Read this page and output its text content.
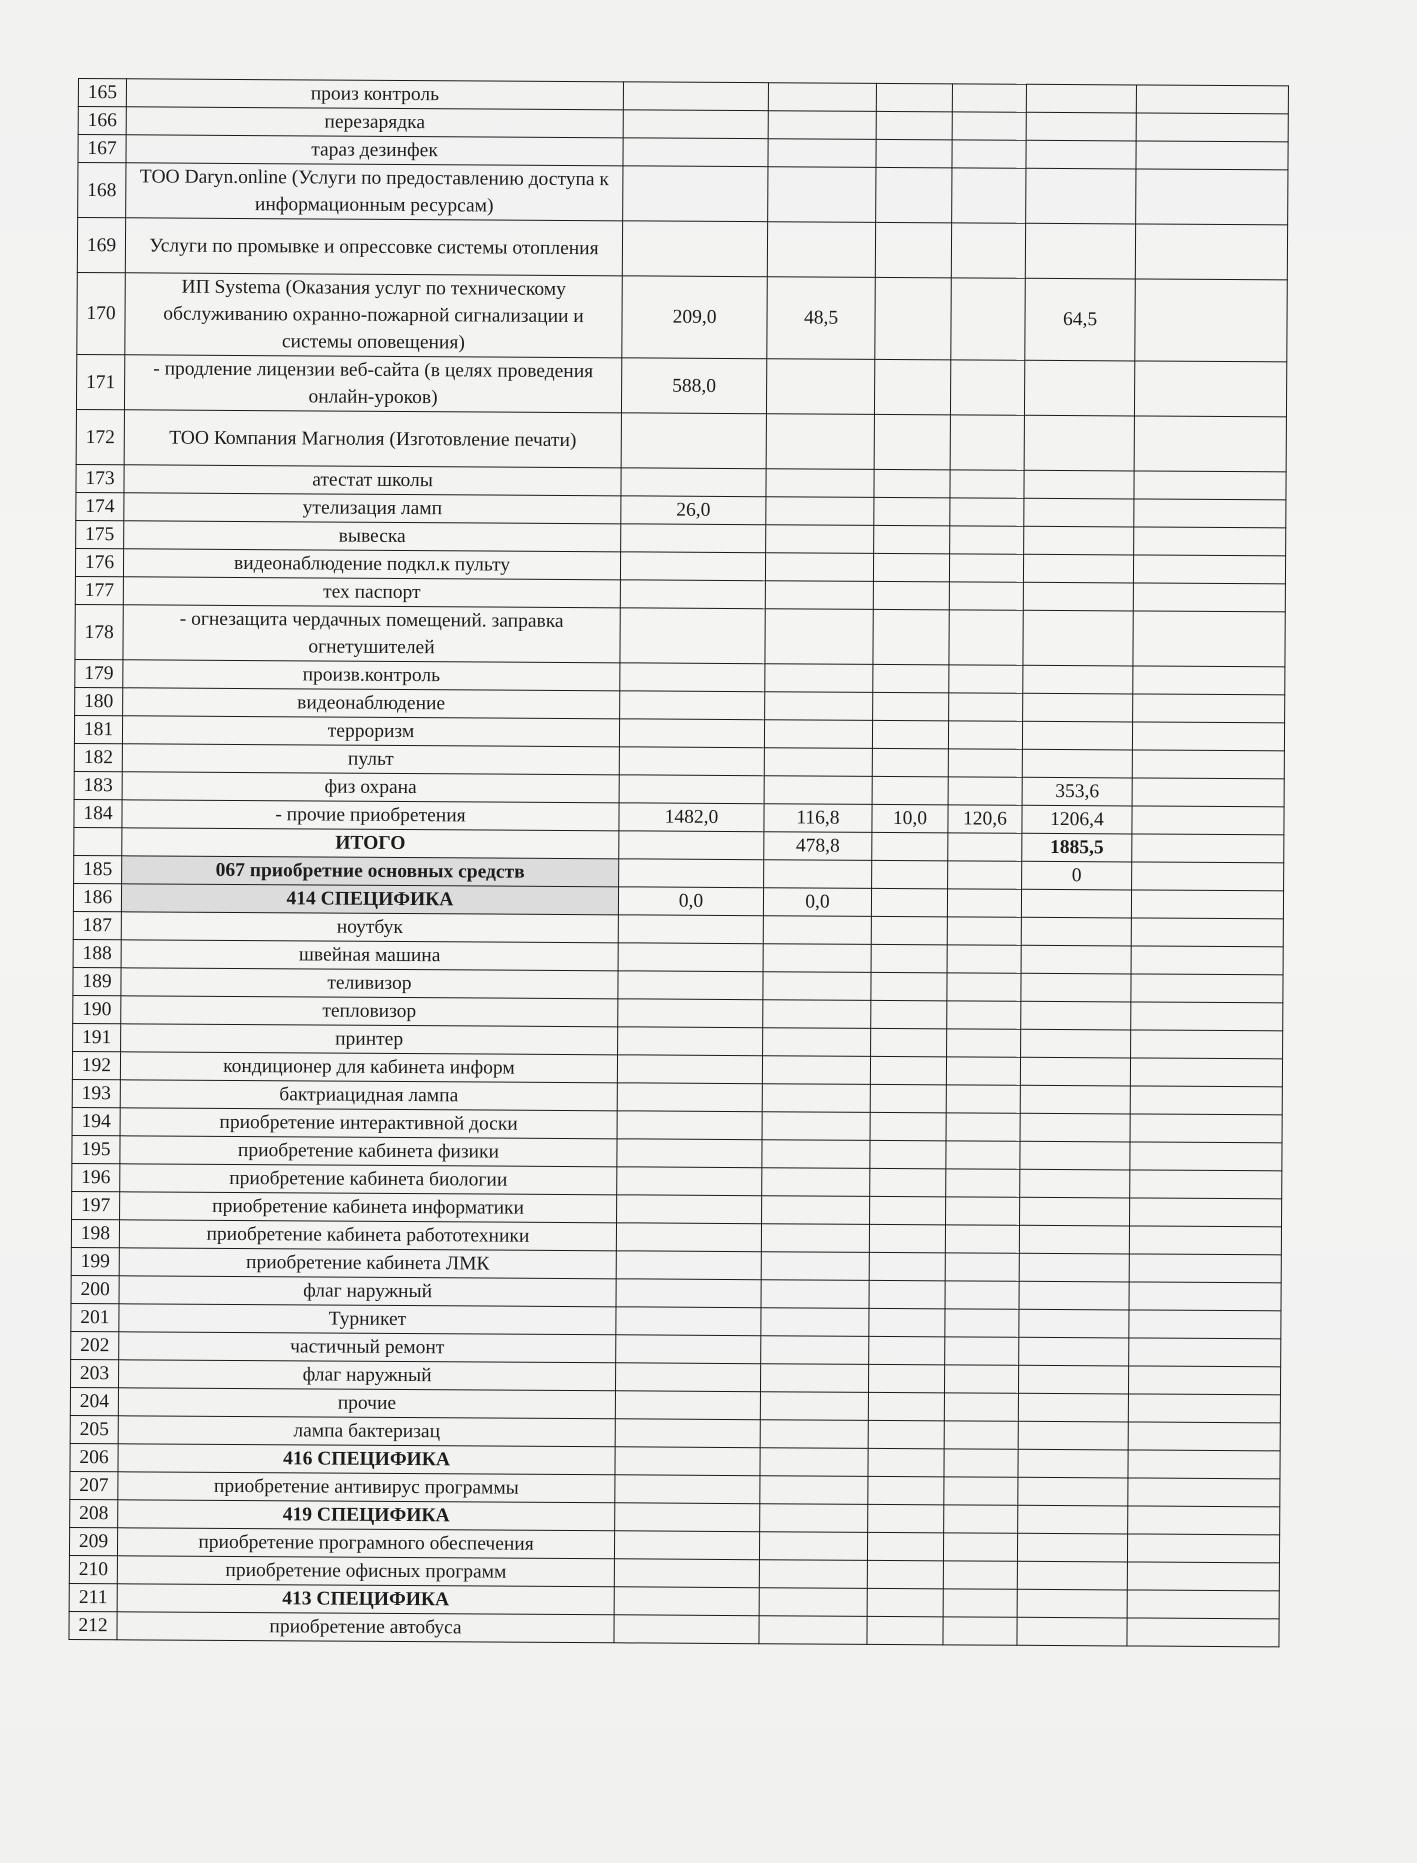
165	произ контроль						
166	перезарядка						
167	тараз дезинфек						
168	ТОО Daryn.online (Услуги по предоставлению доступа к информационным ресурсам)						
169	Услуги по промывке и опрессовке системы отопления						
170	ИП Systema (Оказания услуг по техническому обслуживанию охранно-пожарной сигнализации и системы оповещения)	209,0	48,5			64,5	
171	- продление лицензии веб-сайта (в целях проведения онлайн-уроков)	588,0					
172	ТОО Компания Магнолия (Изготовление печати)						
173	атестат школы						
174	утелизация ламп	26,0					
175	вывеска						
176	видеонаблюдение подкл.к пульту						
177	тех паспорт						
178	- огнезащита чердачных помещений. заправка огнетушителей						
179	произв.контроль						
180	видеонаблюдение						
181	терроризм						
182	пульт						
183	физ охрана					353,6	
184	- прочие приобретения	1482,0	116,8	10,0	120,6	1206,4	
	ИТОГО		478,8			1885,5	
185	067 приобретние основных средств					0	
186	414 СПЕЦИФИКА	0,0	0,0				
187	ноутбук						
188	швейная машина						
189	теливизор						
190	тепловизор						
191	принтер						
192	кондиционер для кабинета информ						
193	бактриацидная лампа						
194	приобретение интерактивной доски						
195	приобретение кабинета физики						
196	приобретение кабинета биологии						
197	приобретение кабинета информатики						
198	приобретение кабинета работотехники						
199	приобретение кабинета ЛМК						
200	флаг наружный						
201	Турникет						
202	частичный ремонт						
203	флаг наружный						
204	прочие						
205	лампа бактеризац						
206	416 СПЕЦИФИКА						
207	приобретение антивирус программы						
208	419 СПЕЦИФИКА						
209	приобретение програмного обеспечения						
210	приобретение офисных программ						
211	413 СПЕЦИФИКА						
212	приобретение автобуса						
